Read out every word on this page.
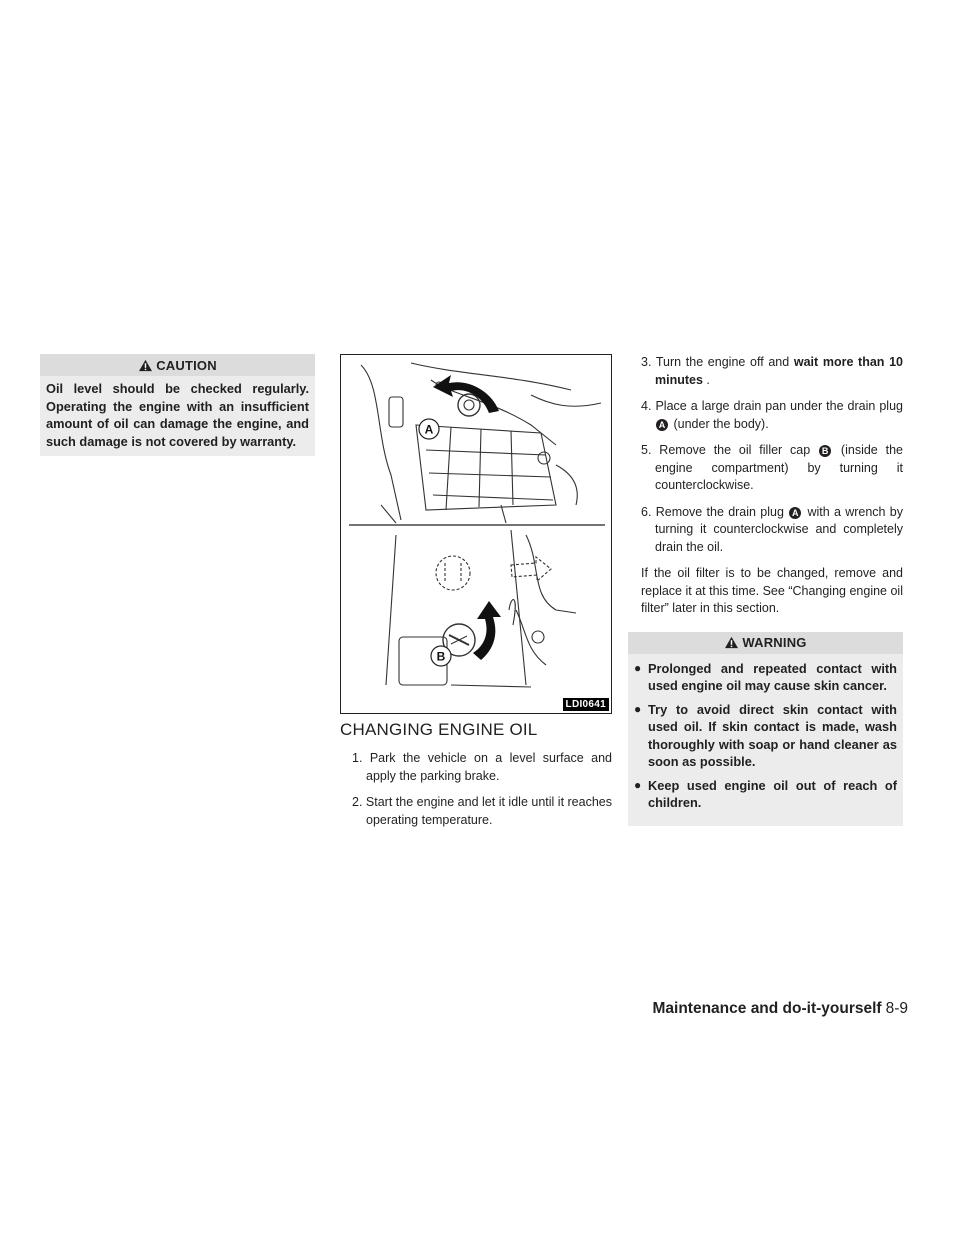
CAUTION
Oil level should be checked regularly. Operating the engine with an insufficient amount of oil can damage the engine, and such damage is not covered by warranty.
A
B
LDI0641
CHANGING ENGINE OIL
1. Park the vehicle on a level surface and apply the parking brake.
2. Start the engine and let it idle until it reaches operating temperature.
3. Turn the engine off and wait more than 10 minutes .
4. Place a large drain pan under the drain plug A (under the body).
5. Remove the oil filler cap B (inside the engine compartment) by turning it counterclockwise.
6. Remove the drain plug A with a wrench by turning it counterclockwise and completely drain the oil.

If the oil filter is to be changed, remove and replace it at this time. See “Changing engine oil filter” later in this section.

WARNING
● Prolonged and repeated contact with used engine oil may cause skin cancer.
● Try to avoid direct skin contact with used oil. If skin contact is made, wash thoroughly with soap or hand cleaner as soon as possible.
● Keep used engine oil out of reach of children.
Maintenance and do-it-yourself 8-9
